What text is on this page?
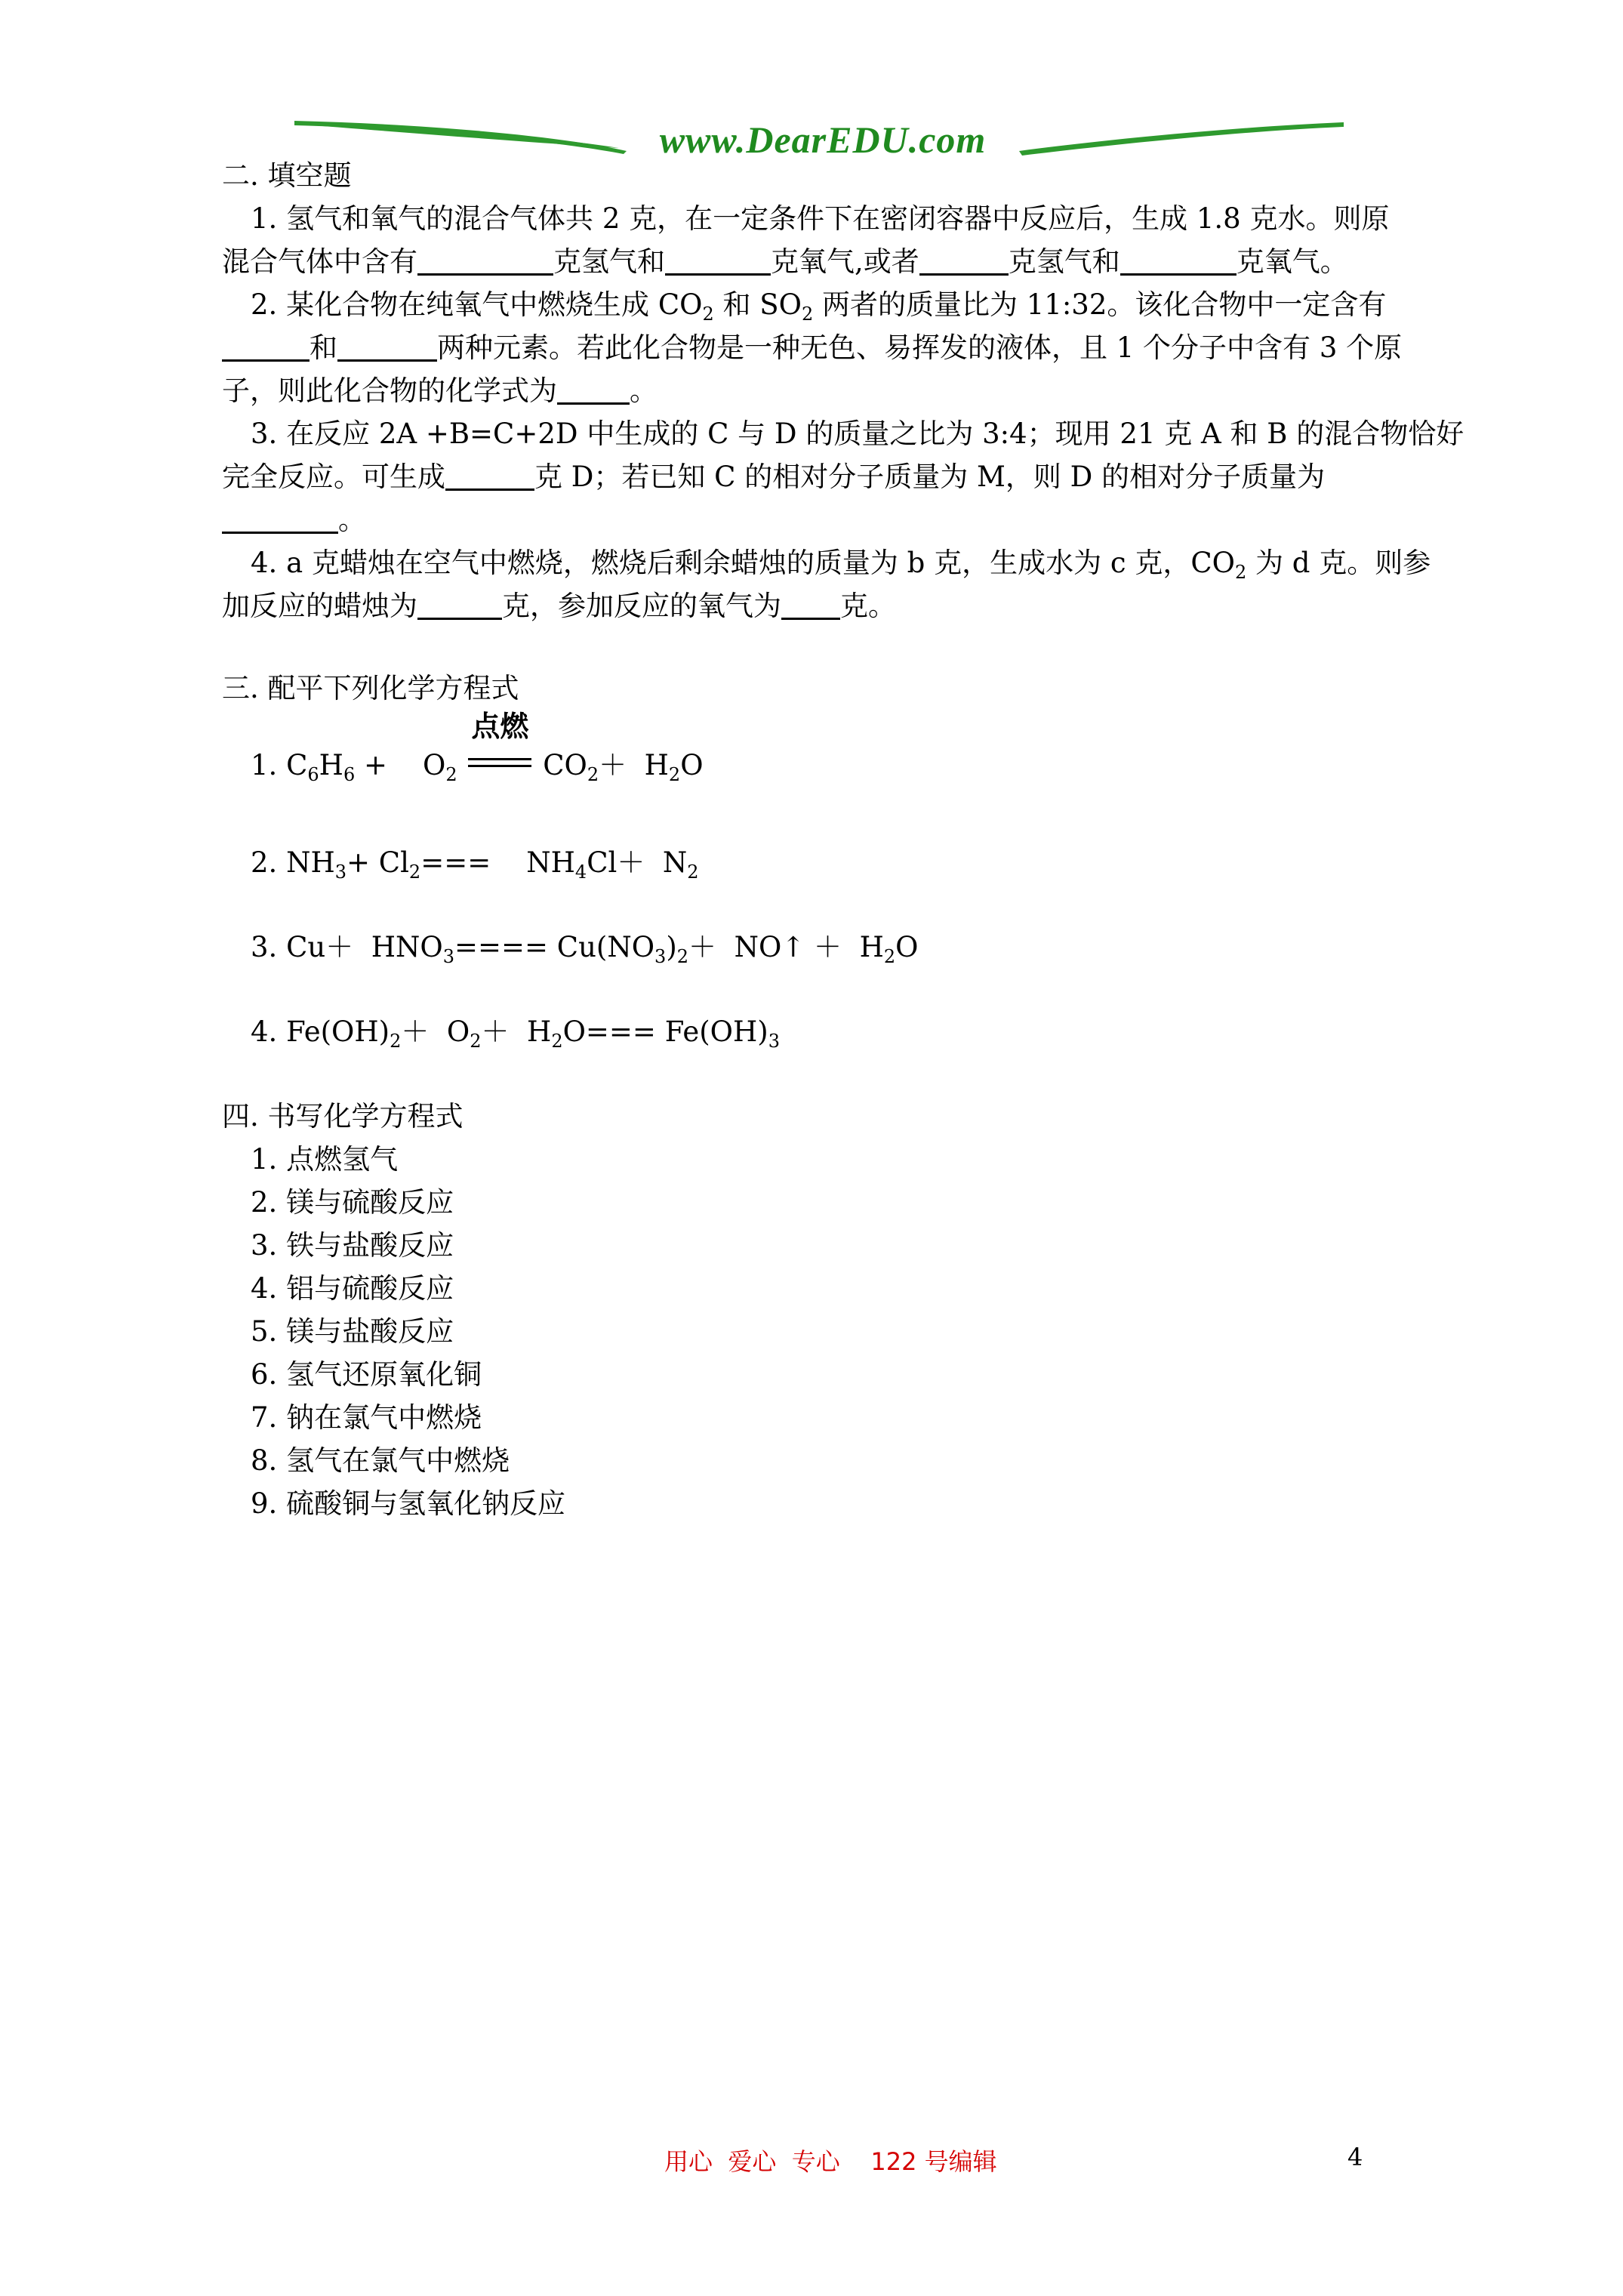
www.DearEDU.com
二. 填空题
1. 氢气和氧气的混合气体共 2 克，在一定条件下在密闭容器中反应后，生成 1.8 克水。则原
混合气体中含有	克氢气和	克氧气,或者	克氢气和	克氧气。
2. 某化合物在纯氧气中燃烧生成 $CO_2$ 和 $SO_2$ 两者的质量比为 11:32。该化合物中一定含有
和	两种元素。若此化合物是一种无色、易挥发的液体，且 1 个分子中含有 3 个原
子，则此化合物的化学式为	。
3. 在反应 2A +B=C+2D 中生成的 C 与 D 的质量之比为 3:4；现用 21 克 A 和 B 的混合物恰好
完全反应。可生成	克 D；若已知 C 的相对分子质量为 M，则 D 的相对分子质量为
。
4. a 克蜡烛在空气中燃烧，燃烧后剩余蜡烛的质量为 b 克，生成水为 c 克，$CO_2$ 为 d 克。则参
加反应的蜡烛为	克，参加反应的氧气为 克。
三. 配平下列化学方程式
1. $C_6H_6$ +    $O_2$
点燃
$CO_2+ H_2O$
2. $NH_3+ Cl_2===$    $NH_4Cl+ N_2$
3. $Cu+ HNO_3==== Cu(NO_3)_2+$  NO↑ ＋  $H_2O$
4. $Fe(OH)_2+ O_2+ H_2O=== Fe(OH)_3$
四. 书写化学方程式
1. 点燃氢气
2. 镁与硫酸反应
3. 铁与盐酸反应
4. 铝与硫酸反应
5. 镁与盐酸反应
6. 氢气还原氧化铜
7. 钠在氯气中燃烧
8. 氢气在氯气中燃烧
9. 硫酸铜与氢氧化钠反应
用心  爱心  专心    122 号编辑	4
